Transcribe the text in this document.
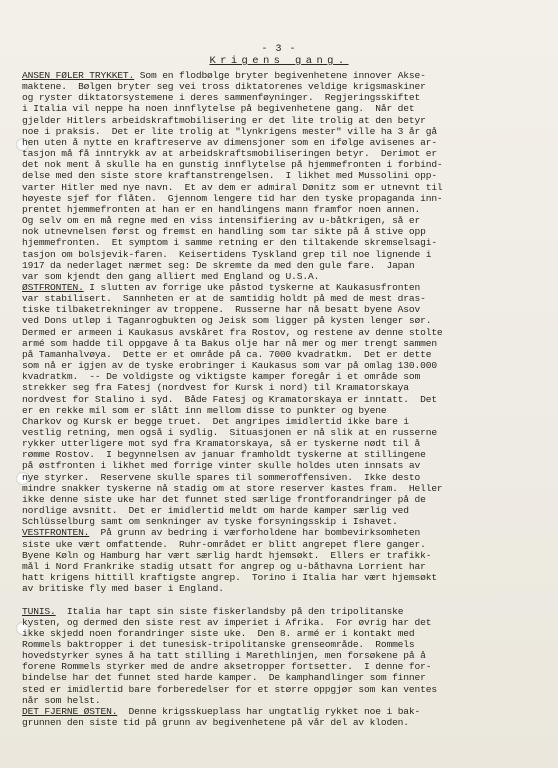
- 3 -
Krigens gang.
ANSEN FØLER TRYKKET. Som en flodbølge bryter begivenhetene innover Akse-
maktene.  Bølgen bryter seg vei tross diktatorenes veldige krigsmaskiner
og ryster diktatorsystemene i deres sammenføyninger.  Regjeringsskiftet
i Italia vil neppe ha noen innflytelse på begivenhetene gang.  Når det
gjelder Hitlers arbeidskraftmobilisering er det lite trolig at den betyr
noe i praksis.  Det er lite trolig at "lynkrigens mester" ville ha 3 år gå
hen uten å nytte en kraftreserve av dimensjoner som en ifølge avisenes ar-
tasjon må få inntrykk av at arbeidskraftsmobiliseringen betyr.  Derimot er
det nok ment å skulle ha en gunstig innflytelse på hjemmefronten i forbind-
delse med den siste store kraftanstrengelsen.  I likhet med Mussolini opp-
varter Hitler med nye navn.  Et av dem er admiral Dønitz som er utnevnt til
høyeste sjef for flåten.  Gjennom lengere tid har den tyske propaganda inn-
prentet hjemmefronten at han er en handlingens mann framfor noen annen.
Og selv om en må regne med en viss intensifiering av u-båtkrigen, så er
nok utnevnelsen først og fremst en handling som tar sikte på å stive opp
hjemmefronten.  Et symptom i samme retning er den tiltakende skremselsagi-
tasjon om bolsjevik-faren.  Keisertidens Tyskland grep til noe lignende i
1917 da nederlaget nærmet seg: De skremte da med den gule fare.  Japan
var som kjendt den gang alliert med England og U.S.A.
ØSTFRONTEN. I slutten av forrige uke påstod tyskerne at Kaukasusfronten
var stabilisert.  Sannheten er at de samtidig holdt på med de mest dras-
tiske tilbaketrekninger av troppene.  Russerne har nå besatt byene Asov
ved Dons utløp i Taganrogbukten og Jeisk som ligger på kysten lenger sør.
Dermed er armeen i Kaukasus avskåret fra Rostov, og restene av denne stolte
armé som hadde til oppgave å ta Bakus olje har nå mer og mer trengt sammen
på Tamanhalvøya.  Dette er et område på ca. 7000 kvadratkm.  Det er dette
som nå er igjen av de tyske erobringer i Kaukasus som var på omlag 130.000
kvadratkm.  -- De voldigste og viktigste kamper foregår i et område som
strekker seg fra Fatesj (nordvest for Kursk i nord) til Kramatorskaya
nordvest for Stalino i syd.  Både Fatesj og Kramatorskaya er inntatt.  Det
er en rekke mil som er slått inn mellom disse to punkter og byene
Charkov og Kursk er begge truet.  Det angripes imidlertid ikke bare i
vestlig retning, men også i sydlig.  Situasjonen er nå slik at en russerne
rykker utterligere mot syd fra Kramatorskaya, så er tyskerne nødt til å
rømme Rostov.  I begynnelsen av januar framholdt tyskerne at stillingene
på østfronten i likhet med forrige vinter skulle holdes uten innsats av
nye styrker.  Reservene skulle spares til sommeroffensiven.  Ikke desto
mindre snakker tyskerne nå stadig om at store reserver kastes fram.  Heller
ikke denne siste uke har det funnet sted særlige frontforandringer på de
nordlige avsnitt.  Det er imidlertid meldt om harde kamper særlig ved
Schlüsselburg samt om senkninger av tyske forsyningsskip i Ishavet.
VESTFRONTEN.  På grunn av bedring i værforholdene har bombevirksomheten
siste uke vært omfattende.  Ruhr-området er blitt angrepet flere ganger.
Byene Køln og Hamburg har vært særlig hardt hjemsøkt.  Ellers er trafikk-
mål i Nord Frankrike stadig utsatt for angrep og u-båthavna Lorrient har
hatt krigens hittill kraftigste angrep.  Torino i Italia har vært hjemsøkt
av britiske fly med baser i England.
TUNIS.  Italia har tapt sin siste fiskerlandsby på den tripolitanske
kysten, og dermed den siste rest av imperiet i Afrika.  For øvrig har det
ikke skjedd noen forandringer siste uke.  Den 8. armé er i kontakt med
Rommels baktropper i det tunesisk-tripolitanske grenseområde.  Rommels
hovedstyrker synes å ha tatt stilling i Marethlinjen, men forsøkene på å
forene Rommels styrker med de andre aksetropper fortsetter.  I denne for-
bindelse har det funnet sted harde kamper.  De kamphandlinger som finner
sted er imidlertid bare forberedelser for et større oppgjør som kan ventes
når som helst.
DET FJERNE ØSTEN.  Denne krigsskueplass har ungtatlig rykket noe i bak-
grunnen den siste tid på grunn av begivenhetene på vår del av kloden.
